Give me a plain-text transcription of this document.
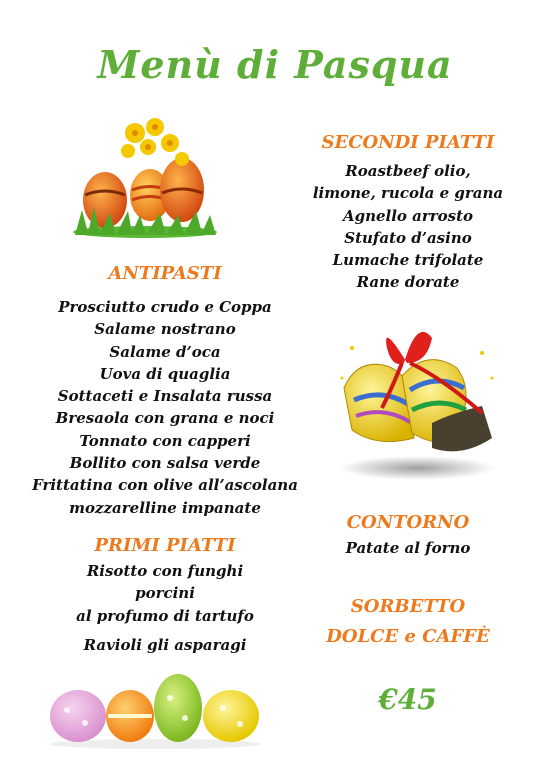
Menù di Pasqua
ANTIPASTI
Prosciutto crudo e Coppa
Salame nostrano
Salame d’oca
Uova di quaglia
Sottaceti e Insalata russa
Bresaola con grana e noci
Tonnato con capperi
Bollito con salsa verde
Frittatina con olive all’ascolana
mozzarelline impanate
PRIMI PIATTI
Risotto con funghi
porcini
al profumo di tartufo
Ravioli gli asparagi
SECONDI PIATTI
Roastbeef olio,
limone, rucola e grana
Agnello arrosto
Stufato d’asino
Lumache trifolate
Rane dorate
CONTORNO
Patate al forno
SORBETTO
DOLCE e CAFFÈ
€45
